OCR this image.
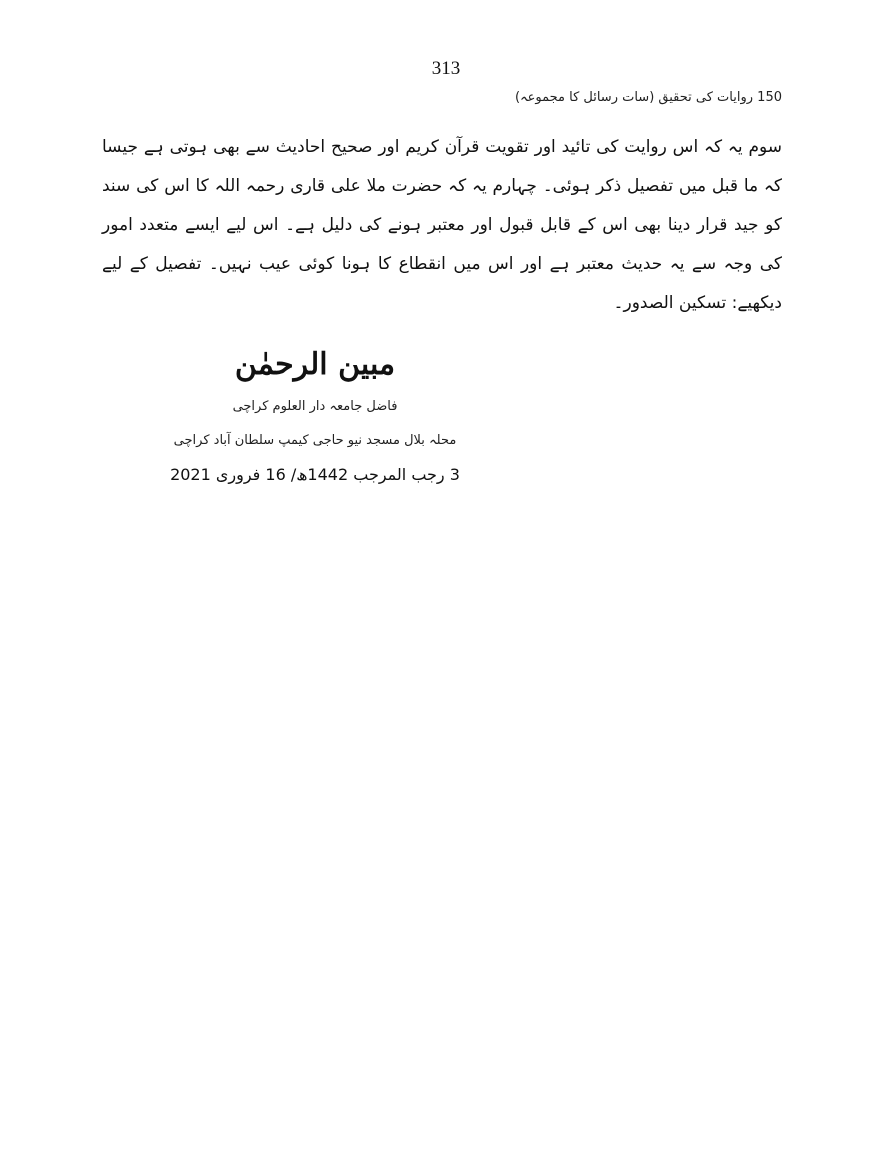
313
150 روایات کی تحقیق (سات رسائل کا مجموعہ)
سوم یہ کہ اس روایت کی تائید اور تقویت قرآن کریم اور صحیح احادیث سے بھی ہوتی ہے جیسا کہ ما قبل میں تفصیل ذکر ہوئی۔ چہارم یہ کہ حضرت ملا علی قاری رحمہ اللہ کا اس کی سند کو جید قرار دینا بھی اس کے قابل قبول اور معتبر ہونے کی دلیل ہے۔ اس لیے ایسے متعدد امور کی وجہ سے یہ حدیث معتبر ہے اور اس میں انقطاع کا ہونا کوئی عیب نہیں۔ تفصیل کے لیے دیکھیے: تسکین الصدور۔
مبین الرحمٰن
فاضل جامعہ دار العلوم کراچی
محلہ بلال مسجد نیو حاجی کیمپ سلطان آباد کراچی
3 رجب المرجب 1442ھ/ 16 فروری 2021
